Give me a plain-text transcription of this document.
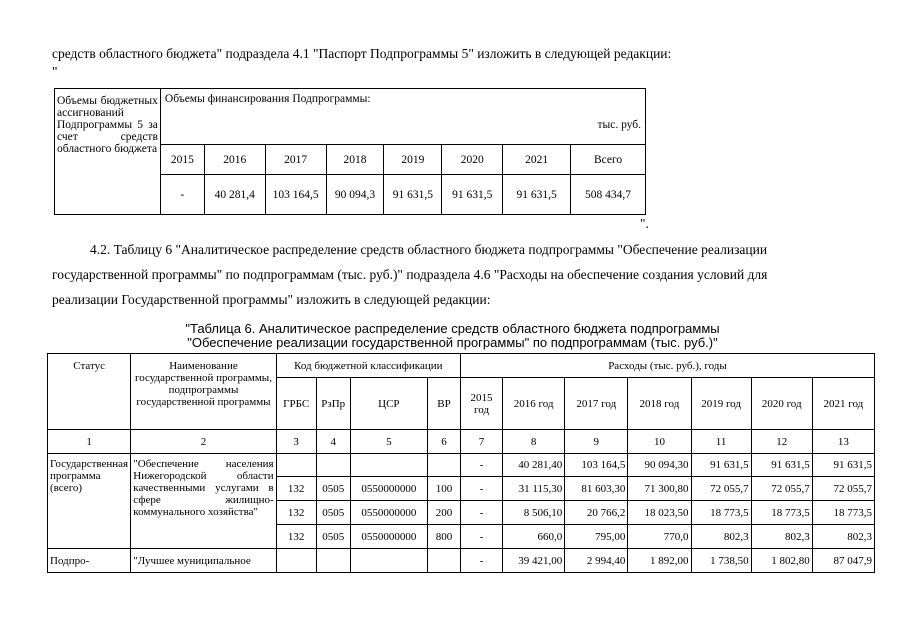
средств областного бюджета" подраздела 4.1 "Паспорт Подпрограммы 5" изложить в следующей редакции:
"
Объемы бюджетных ассигнований Подпрограммы 5 за счет средств областного бюджета	Объемы финансирования Подпрограммы:
тыс. руб.							

	2015	2016	2017	2018	2019	2020	2021	Всего
	-	40 281,4	103 164,5	90 094,3	91 631,5	91 631,5	91 631,5	508 434,7
".
4.2. Таблицу 6 "Аналитическое распределение средств областного бюджета подпрограммы "Обеспечение реализации
государственной программы" по подпрограммам (тыс. руб.)" подраздела 4.6 "Расходы на обеспечение создания условий для
реализации Государственной программы" изложить в следующей редакции:
"Таблица 6. Аналитическое распределение средств областного бюджета подпрограммы
"Обеспечение реализации государственной программы" по подпрограммам (тыс. руб.)"
Статус	Наименование государственной программы, подпрограммы государственной программы	Код бюджетной классификации				Расходы (тыс. руб.), годы						
		ГРБС	РзПр	ЦСР	ВР	2015 год	2016 год	2017 год	2018 год	2019 год	2020 год	2021 год
1	2	3	4	5	6	7	8	9	10	11	12	13
Государственная программа (всего)	"Обеспечение населения Нижегородской области качественными услугами в сфере жилищно-коммунального хозяйства"					-	40 281,40	103 164,5	90 094,30	91 631,5	91 631,5	91 631,5
		132	0505	0550000000	100	-	31 115,30	81 603,30	71 300,80	72 055,7	72 055,7	72 055,7
		132	0505	0550000000	200	-	8 506,10	20 766,2	18 023,50	18 773,5	18 773,5	18 773,5
		132	0505	0550000000	800	-	660,0	795,00	770,0	802,3	802,3	802,3
Подпро-	"Лучшее муниципальное					-	39 421,00	2 994,40	1 892,00	1 738,50	1 802,80	87 047,9
